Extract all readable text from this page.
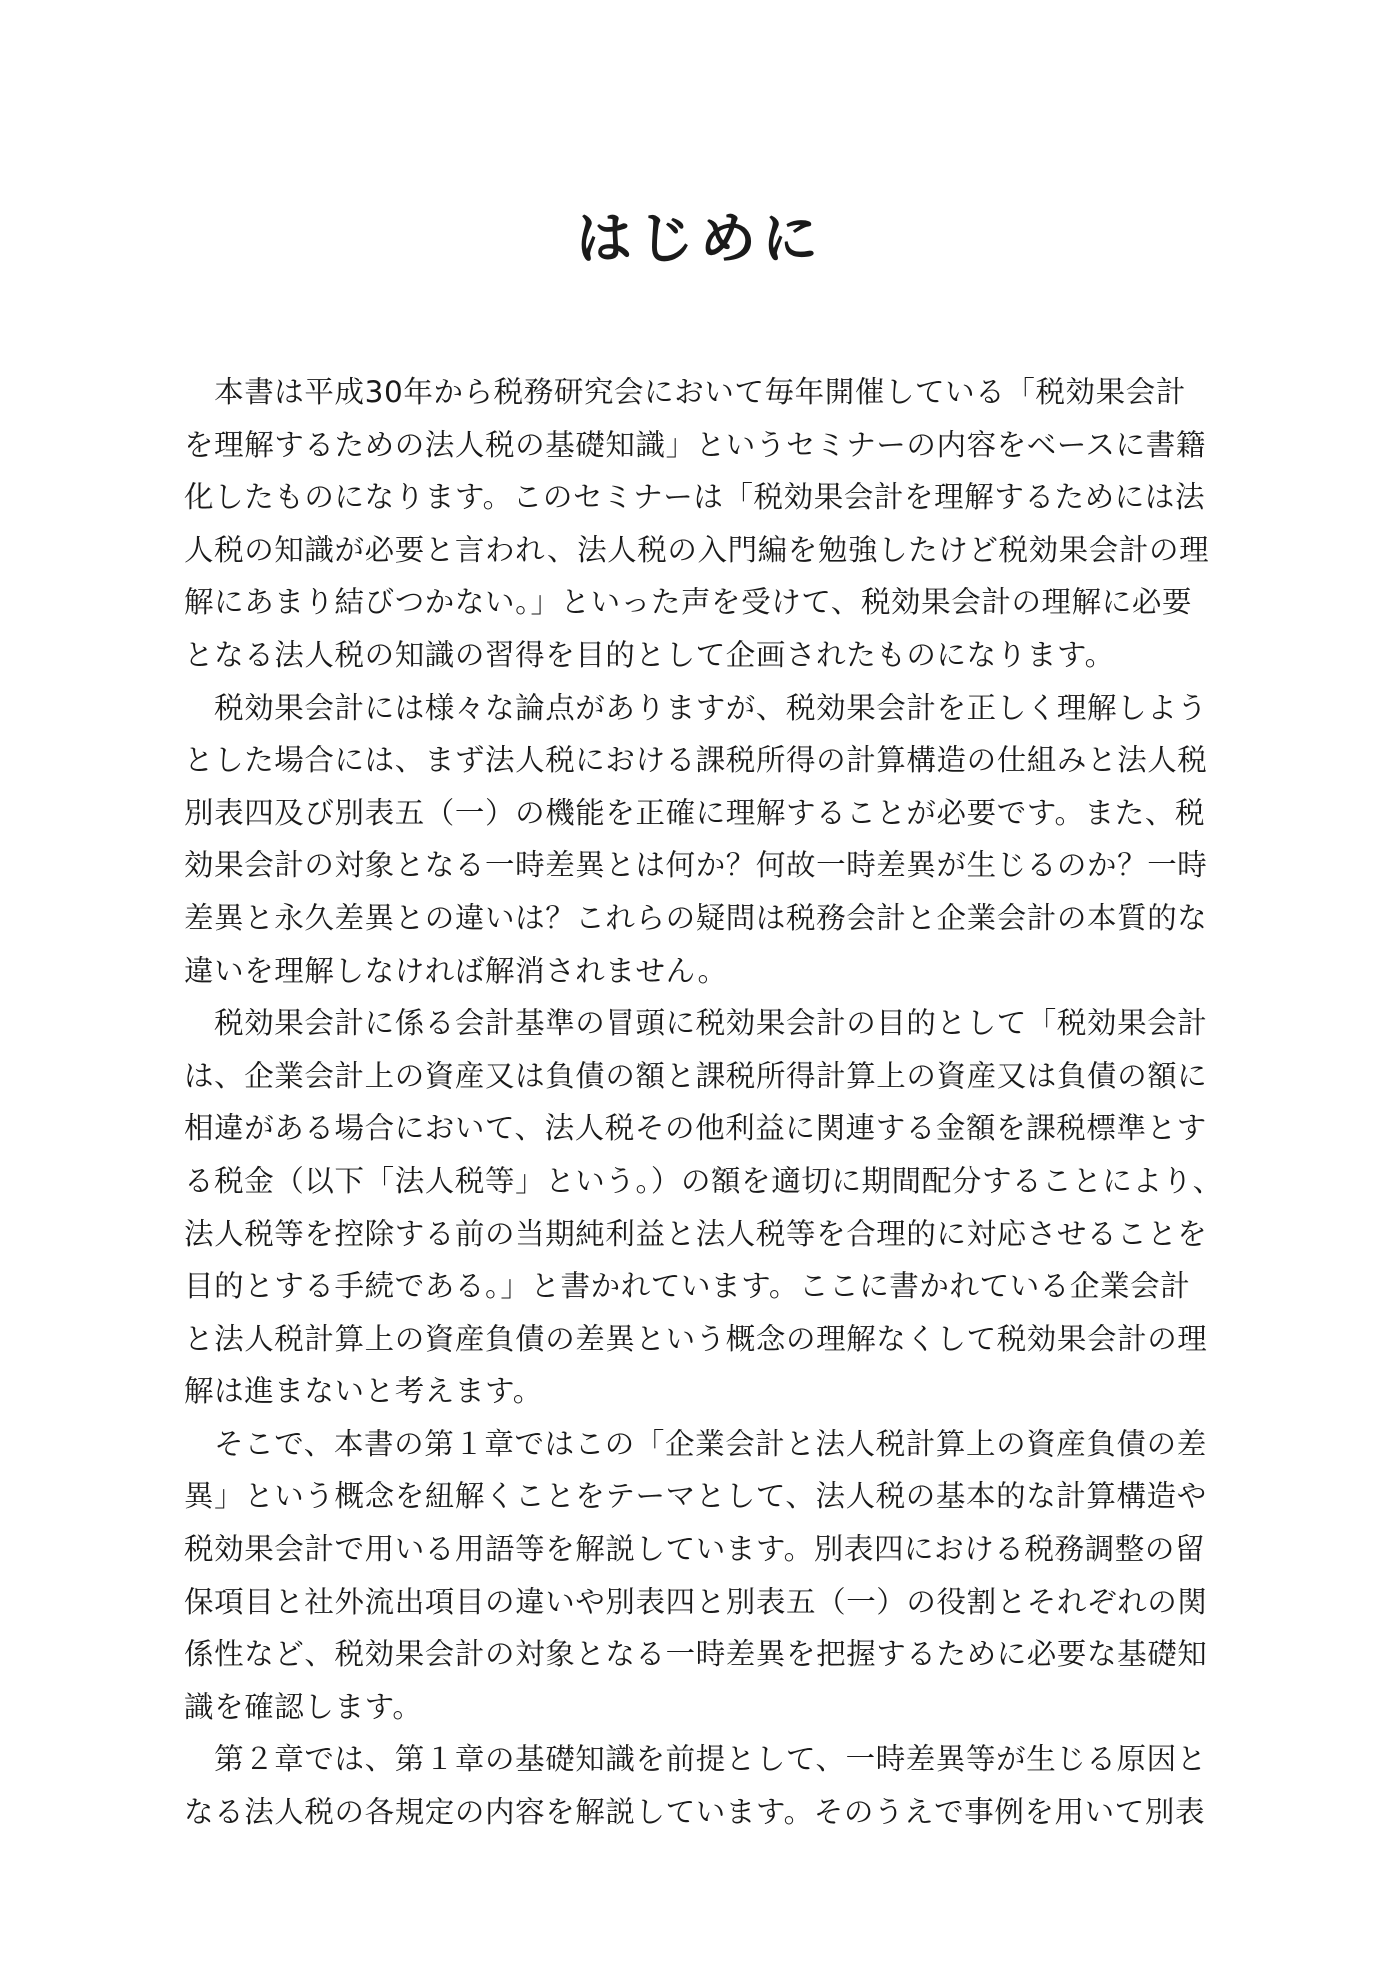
はじめに
　本書は平成30年から税務研究会において毎年開催している「税効果会計
を理解するための法人税の基礎知識」というセミナーの内容をベースに書籍
化したものになります。このセミナーは「税効果会計を理解するためには法
人税の知識が必要と言われ、法人税の入門編を勉強したけど税効果会計の理
解にあまり結びつかない。」といった声を受けて、税効果会計の理解に必要
となる法人税の知識の習得を目的として企画されたものになります。
　税効果会計には様々な論点がありますが、税効果会計を正しく理解しよう
とした場合には、まず法人税における課税所得の計算構造の仕組みと法人税
別表四及び別表五（一）の機能を正確に理解することが必要です。また、税
効果会計の対象となる一時差異とは何か？何故一時差異が生じるのか？一時
差異と永久差異との違いは？これらの疑問は税務会計と企業会計の本質的な
違いを理解しなければ解消されません。
　税効果会計に係る会計基準の冒頭に税効果会計の目的として「税効果会計
は、企業会計上の資産又は負債の額と課税所得計算上の資産又は負債の額に
相違がある場合において、法人税その他利益に関連する金額を課税標準とす
る税金（以下「法人税等」という。）の額を適切に期間配分することにより、
法人税等を控除する前の当期純利益と法人税等を合理的に対応させることを
目的とする手続である。」と書かれています。ここに書かれている企業会計
と法人税計算上の資産負債の差異という概念の理解なくして税効果会計の理
解は進まないと考えます。
　そこで、本書の第１章ではこの「企業会計と法人税計算上の資産負債の差
異」という概念を紐解くことをテーマとして、法人税の基本的な計算構造や
税効果会計で用いる用語等を解説しています。別表四における税務調整の留
保項目と社外流出項目の違いや別表四と別表五（一）の役割とそれぞれの関
係性など、税効果会計の対象となる一時差異を把握するために必要な基礎知
識を確認します。
　第２章では、第１章の基礎知識を前提として、一時差異等が生じる原因と
なる法人税の各規定の内容を解説しています。そのうえで事例を用いて別表
